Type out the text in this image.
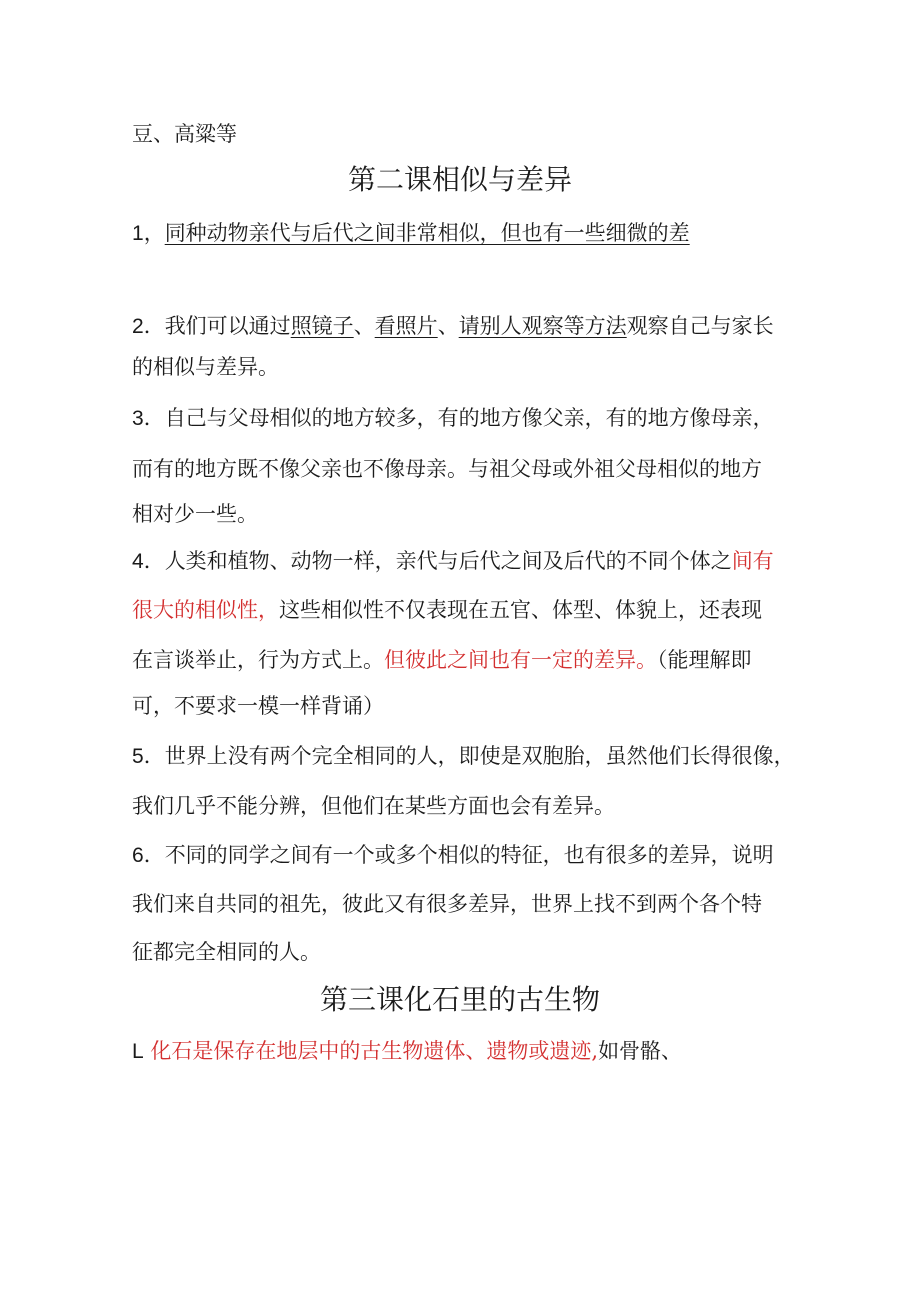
豆、高粱等
第二课相似与差异
1，同种动物亲代与后代之间非常相似，但也有一些细微的差
2．我们可以通过照镜子、看照片、请别人观察等方法观察自己与家长
的相似与差异。
3．自己与父母相似的地方较多，有的地方像父亲，有的地方像母亲，
而有的地方既不像父亲也不像母亲。与祖父母或外祖父母相似的地方
相对少一些。
4．人类和植物、动物一样，亲代与后代之间及后代的不同个体之间有
很大的相似性，这些相似性不仅表现在五官、体型、体貌上，还表现
在言谈举止，行为方式上。但彼此之间也有一定的差异。（能理解即
可，不要求一模一样背诵）
5．世界上没有两个完全相同的人，即使是双胞胎，虽然他们长得很像，
我们几乎不能分辨，但他们在某些方面也会有差异。
6．不同的同学之间有一个或多个相似的特征，也有很多的差异，说明
我们来自共同的祖先，彼此又有很多差异，世界上找不到两个各个特
征都完全相同的人。
第三课化石里的古生物
L 化石是保存在地层中的古生物遗体、遗物或遗迹,如骨骼、
